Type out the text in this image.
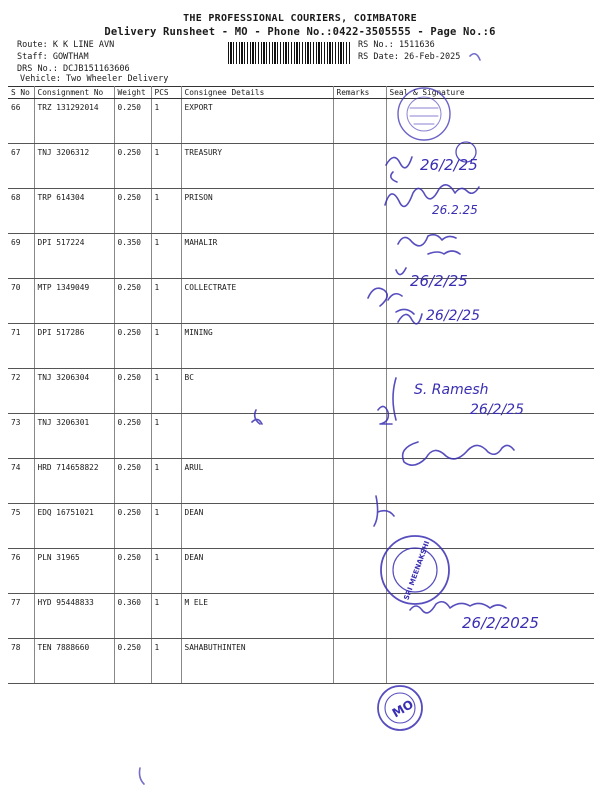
THE PROFESSIONAL COURIERS, COIMBATORE
Delivery Runsheet - MO - Phone No.:0422-3505555 - Page No.:6
Route: K K LINE AVN
Staff: GOWTHAM
DRS No.: DCJB151163606
Vehicle: Two Wheeler Delivery
RS No.: 1511636
RS Date: 26-Feb-2025
S No	Consignment No	Weight	PCS	Consignee Details	Remarks	Seal & Signature
66	TRZ 131292014	0.250	1	EXPORT		
67	TNJ 3206312	0.250	1	TREASURY		
68	TRP 614304	0.250	1	PRISON		
69	DPI 517224	0.350	1	MAHALIR		
70	MTP 1349049	0.250	1	COLLECTRATE		
71	DPI 517286	0.250	1	MINING		
72	TNJ 3206304	0.250	1	BC		
73	TNJ 3206301	0.250	1			
74	HRD 714658822	0.250	1	ARUL		
75	EDQ 16751021	0.250	1	DEAN		
76	PLN 31965	0.250	1	DEAN		
77	HYD 95448833	0.360	1	M ELE		
78	TEN 7888660	0.250	1	SAHABUTHINTEN		
26/2/25
26.2.25
26/2/25
26/2/25
S. Ramesh
26/2/25
26/2/2025
MO
SRI MEENAKSHI
